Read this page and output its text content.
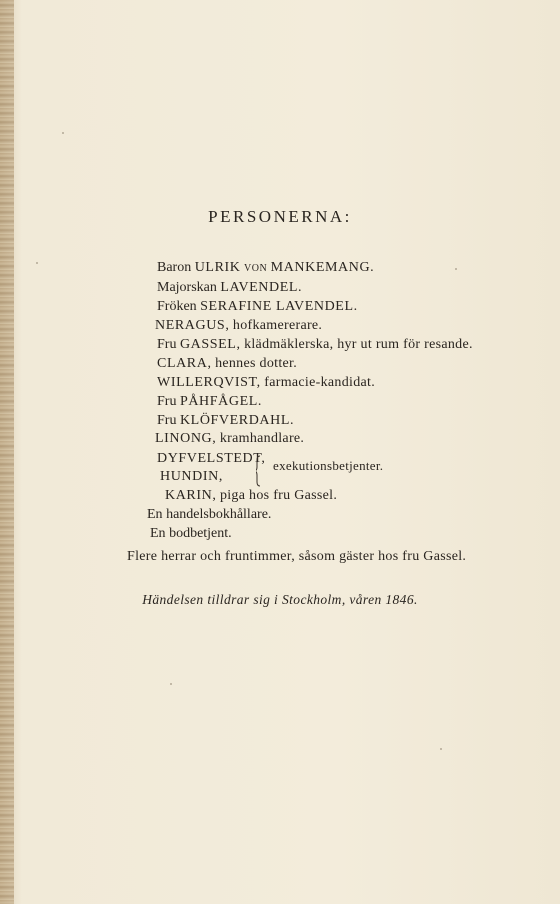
PERSONERNA:
Baron ULRIK VON MANKEMANG.
Majorskan LAVENDEL.
Fröken SERAFINE LAVENDEL.
NERAGUS, hofkamererare.
Fru GASSEL, klädmäklerska, hyr ut rum för resande.
CLARA, hennes dotter.
WILLERQVIST, farmacie-kandidat.
Fru PÅHFÅGEL.
Fru KLÖFVERDAHL.
LINONG, kramhandlare.
DYFVELSTEDT,
HUNDIN,
exekutionsbetjenter.
KARIN, piga hos fru Gassel.
En handelsbokhållare.
En bodbetjent.
Flere herrar och fruntimmer, såsom gäster hos fru Gassel.
Händelsen tilldrar sig i Stockholm, våren 1846.
